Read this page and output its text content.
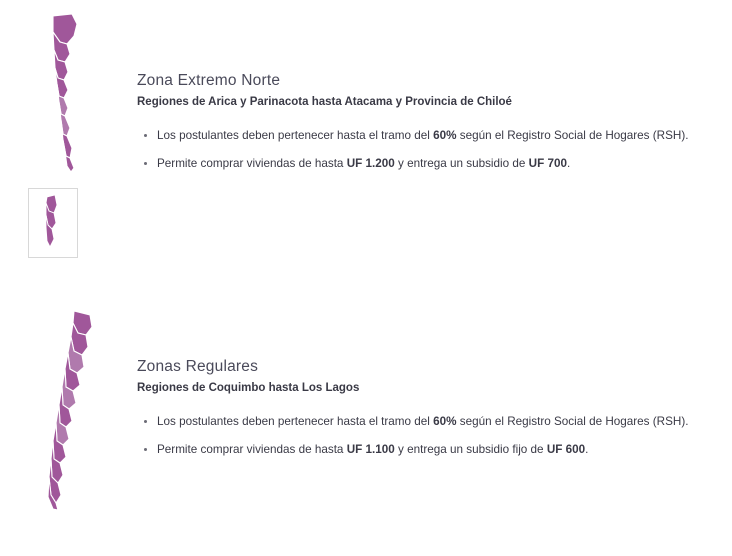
Zona Extremo Norte
Regiones de Arica y Parinacota hasta Atacama y Provincia de Chiloé
Los postulantes deben pertenecer hasta el tramo del 60% según el Registro Social de Hogares (RSH).
Permite comprar viviendas de hasta UF 1.200 y entrega un subsidio de UF 700.
Zonas Regulares
Regiones de Coquimbo hasta Los Lagos
Los postulantes deben pertenecer hasta el tramo del 60% según el Registro Social de Hogares (RSH).
Permite comprar viviendas de hasta UF 1.100 y entrega un subsidio fijo de UF 600.
